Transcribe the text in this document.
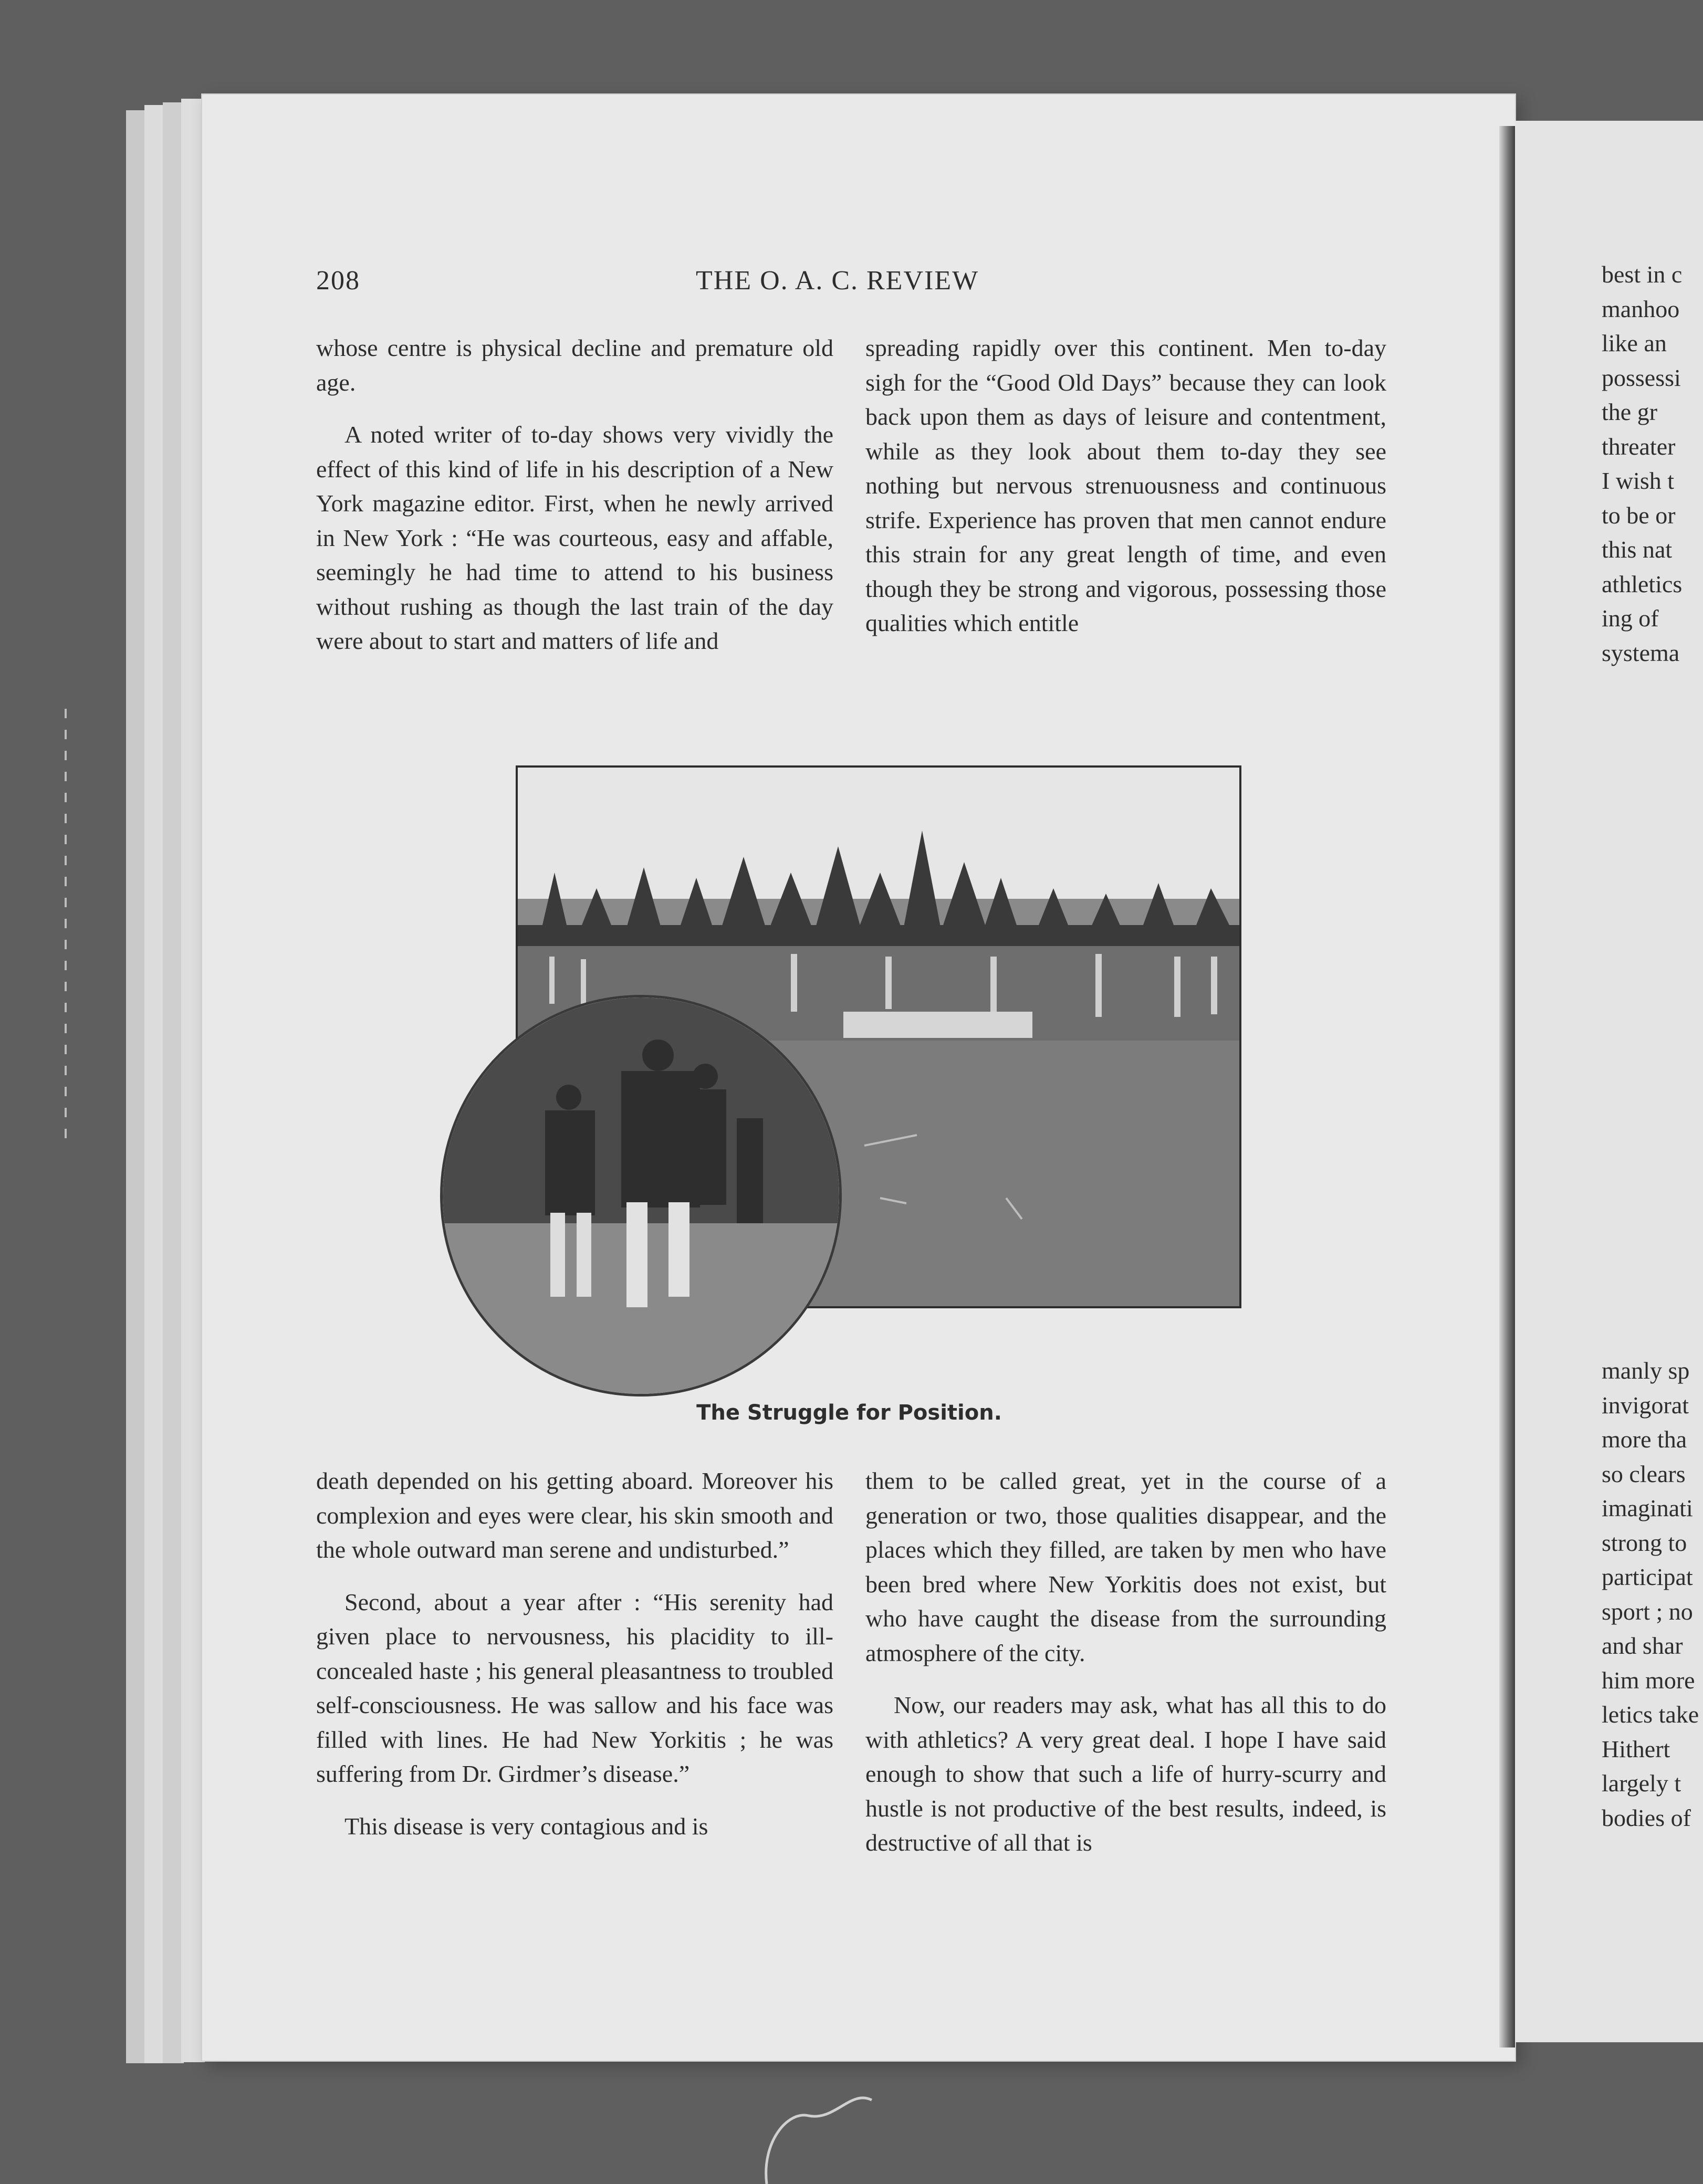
208	THE O. A. C. REVIEW

whose centre is physical decline and premature old age.

A noted writer of to-day shows very vividly the effect of this kind of life in his description of a New York magazine editor. First, when he newly arrived in New York : “He was courteous, easy and affable, seemingly he had time to attend to his business without rushing as though the last train of the day were about to start and matters of life and

spreading rapidly over this continent. Men to-day sigh for the “Good Old Days” because they can look back upon them as days of leisure and contentment, while as they look about them to-day they see nothing but nervous strenuousness and continuous strife. Experience has proven that men cannot endure this strain for any great length of time, and even though they be strong and vigorous, possessing those qualities which entitle

The Struggle for Position.

death depended on his getting aboard. Moreover his complexion and eyes were clear, his skin smooth and the whole outward man serene and undisturbed.”

Second, about a year after : “His serenity had given place to nervousness, his placidity to ill-concealed haste ; his general pleasantness to troubled self-consciousness. He was sallow and his face was filled with lines. He had New Yorkitis ; he was suffering from Dr. Girdmer’s disease.”

This disease is very contagious and is

them to be called great, yet in the course of a generation or two, those qualities disappear, and the places which they filled, are taken by men who have been bred where New Yorkitis does not exist, but who have caught the disease from the surrounding atmosphere of the city.

Now, our readers may ask, what has all this to do with athletics? A very great deal. I hope I have said enough to show that such a life of hurry-scurry and hustle is not productive of the best results, indeed, is destructive of all that is

best in c
manhoo
like an
possessi
the gr
threater
I wish t
to be or
this nat
athletics
ing of
systema
manly sp
invigorat
more tha
so clears
imaginati
strong to
participat
sport ; no
and shar
him more
letics take
Hithert
largely t
bodies of
